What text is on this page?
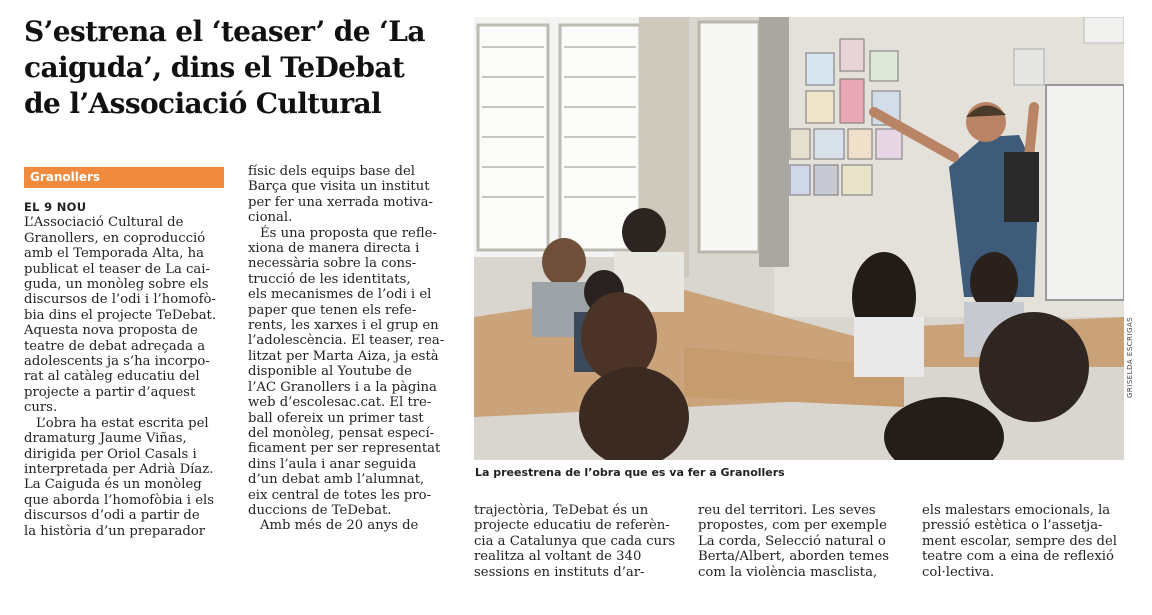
S’estrena el ‘teaser’ de ‘La
caiguda’, dins el TeDebat
de l’Associació Cultural
Granollers
EL 9 NOU
L’Associació Cultural de
Granollers, en coproducció
amb el Temporada Alta, ha
publicat el teaser de La cai-
guda, un monòleg sobre els
discursos de l’odi i l’homofò-
bia dins el projecte TeDebat.
Aquesta nova proposta de
teatre de debat adreçada a
adolescents ja s’ha incorpo-
rat al catàleg educatiu del
projecte a partir d’aquest
curs.
L’obra ha estat escrita pel
dramaturg Jaume Viñas,
dirigida per Oriol Casals i
interpretada per Adrià Díaz.
La Caiguda és un monòleg
que aborda l’homofòbia i els
discursos d’odi a partir de
la història d’un preparador
físic dels equips base del
Barça que visita un institut
per fer una xerrada motiva-
cional.
És una proposta que refle-
xiona de manera directa i
necessària sobre la cons-
trucció de les identitats,
els mecanismes de l’odi i el
paper que tenen els refe-
rents, les xarxes i el grup en
l’adolescència. El teaser, rea-
litzat per Marta Aiza, ja està
disponible al Youtube de
l’AC Granollers i a la pàgina
web d’escolesac.cat. El tre-
ball ofereix un primer tast
del monòleg, pensat especí-
ficament per ser representat
dins l’aula i anar seguida
d’un debat amb l’alumnat,
eix central de totes les pro-
duccions de TeDebat.
Amb més de 20 anys de
GRISELDA ESCRIGAS
La preestrena de l’obra que es va fer a Granollers
trajectòria, TeDebat és un
projecte educatiu de referèn-
cia a Catalunya que cada curs
realitza al voltant de 340
sessions en instituts d’ar-
reu del territori. Les seves
propostes, com per exemple
La corda, Selecció natural o
Berta/Albert, aborden temes
com la violència masclista,
els malestars emocionals, la
pressió estètica o l’assetja-
ment escolar, sempre des del
teatre com a eina de reflexió
col·lectiva.
